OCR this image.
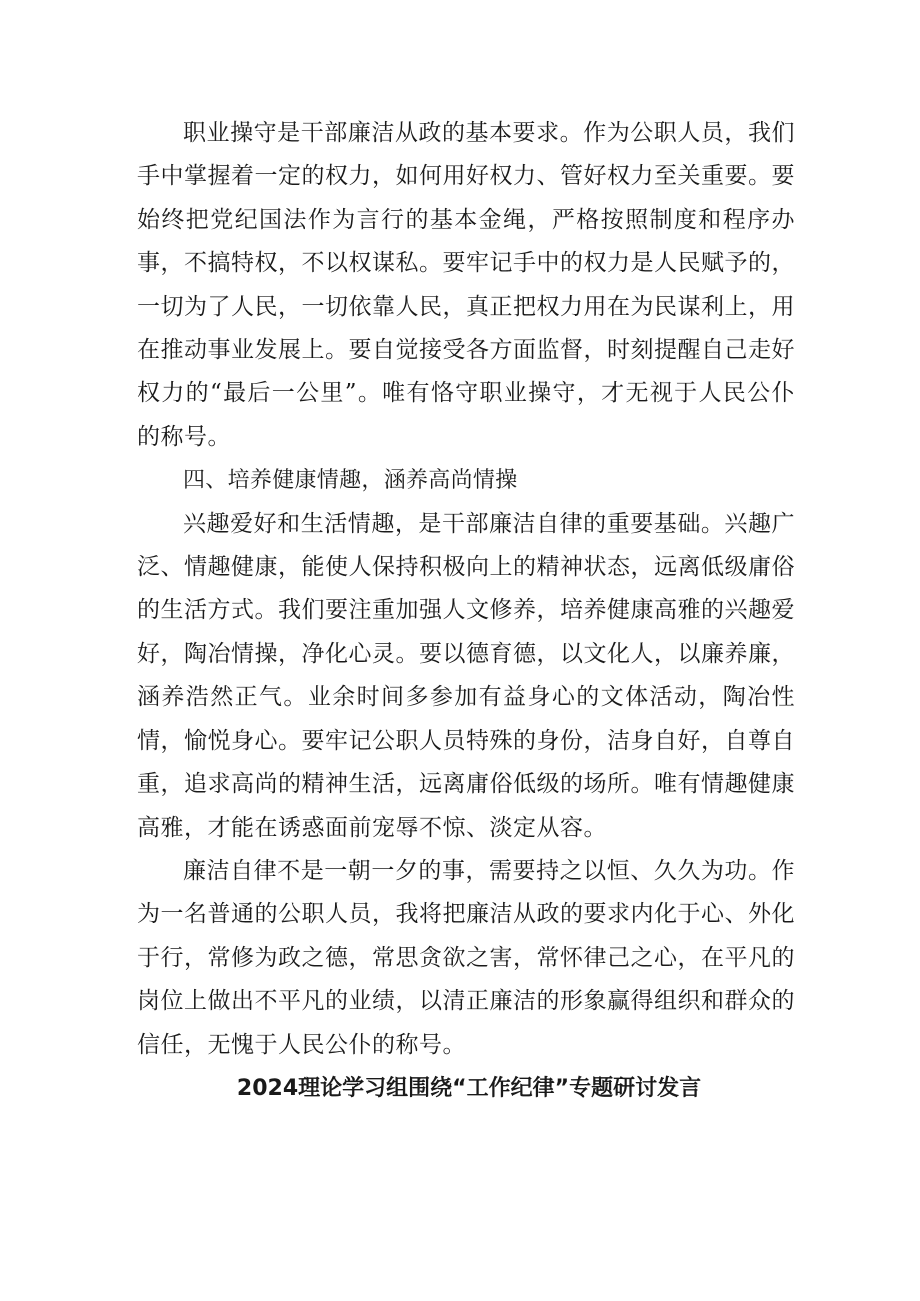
职业操守是干部廉洁从政的基本要求。作为公职人员，我们手中掌握着一定的权力，如何用好权力、管好权力至关重要。要始终把党纪国法作为言行的基本金绳，严格按照制度和程序办事，不搞特权，不以权谋私。要牢记手中的权力是人民赋予的，一切为了人民，一切依靠人民，真正把权力用在为民谋利上，用在推动事业发展上。要自觉接受各方面监督，时刻提醒自己走好权力的“最后一公里”。唯有恪守职业操守，才无视于人民公仆的称号。

四、培养健康情趣，涵养高尚情操

兴趣爱好和生活情趣，是干部廉洁自律的重要基础。兴趣广泛、情趣健康，能使人保持积极向上的精神状态，远离低级庸俗的生活方式。我们要注重加强人文修养，培养健康高雅的兴趣爱好，陶冶情操，净化心灵。要以德育德，以文化人，以廉养廉，涵养浩然正气。业余时间多参加有益身心的文体活动，陶冶性情，愉悦身心。要牢记公职人员特殊的身份，洁身自好，自尊自重，追求高尚的精神生活，远离庸俗低级的场所。唯有情趣健康高雅，才能在诱惑面前宠辱不惊、淡定从容。

廉洁自律不是一朝一夕的事，需要持之以恒、久久为功。作为一名普通的公职人员，我将把廉洁从政的要求内化于心、外化于行，常修为政之德，常思贪欲之害，常怀律己之心，在平凡的岗位上做出不平凡的业绩，以清正廉洁的形象赢得组织和群众的信任，无愧于人民公仆的称号。

2024理论学习组围绕“工作纪律”专题研讨发言
